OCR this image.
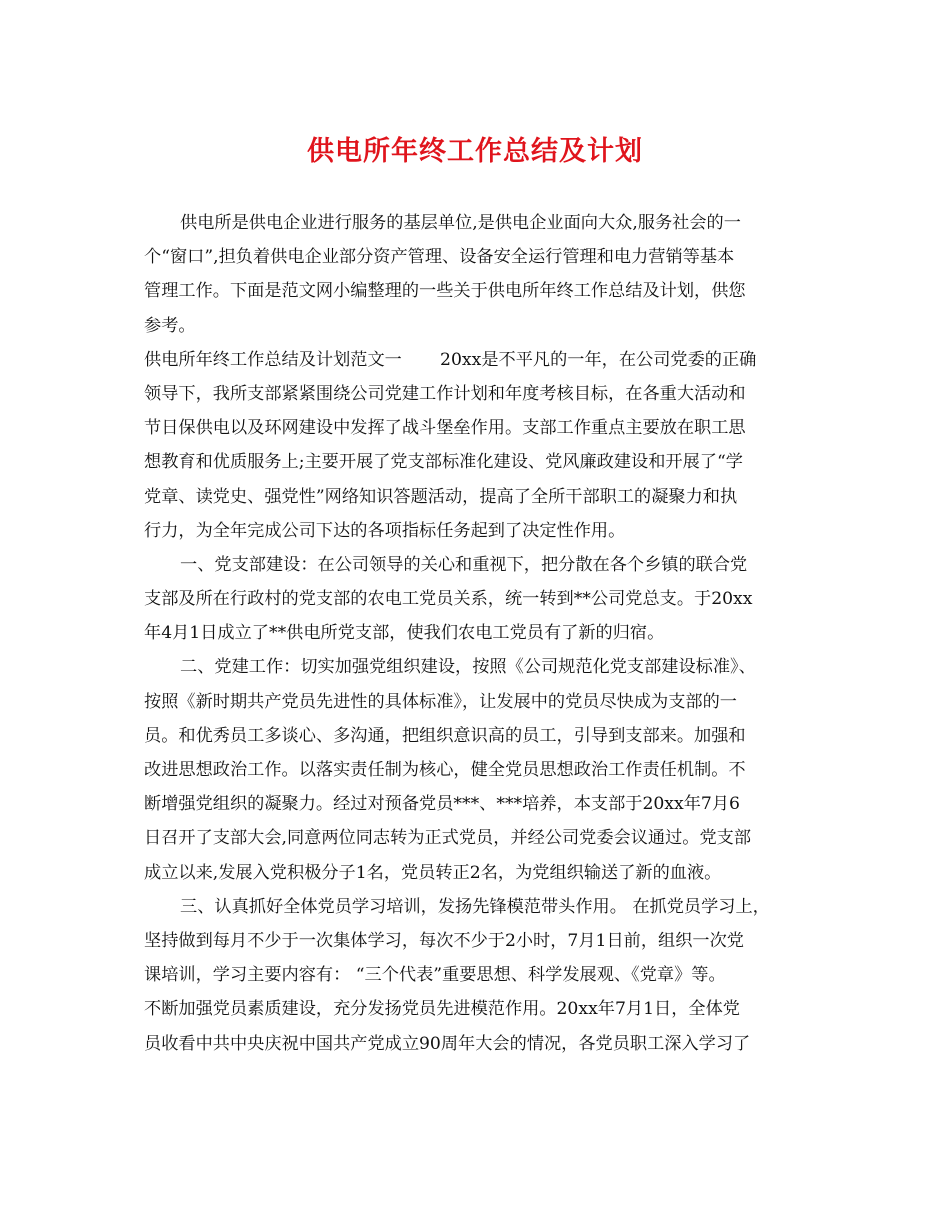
供电所年终工作总结及计划
供电所是供电企业进行服务的基层单位,是供电企业面向大众,服务社会的一
个“窗口”,担负着供电企业部分资产管理、设备安全运行管理和电力营销等基本
管理工作。下面是范文网小编整理的一些关于供电所年终工作总结及计划，供您
参考。
供电所年终工作总结及计划范文一       20xx是不平凡的一年，在公司党委的正确
领导下，我所支部紧紧围绕公司党建工作计划和年度考核目标，在各重大活动和
节日保供电以及环网建设中发挥了战斗堡垒作用。支部工作重点主要放在职工思
想教育和优质服务上;主要开展了党支部标准化建设、党风廉政建设和开展了“学
党章、读党史、强党性”网络知识答题活动，提高了全所干部职工的凝聚力和执
行力，为全年完成公司下达的各项指标任务起到了决定性作用。
一、党支部建设：在公司领导的关心和重视下，把分散在各个乡镇的联合党
支部及所在行政村的党支部的农电工党员关系，统一转到**公司党总支。于20xx
年4月1日成立了**供电所党支部，使我们农电工党员有了新的归宿。
二、党建工作：切实加强党组织建设，按照《公司规范化党支部建设标准》、
按照《新时期共产党员先进性的具体标准》，让发展中的党员尽快成为支部的一
员。和优秀员工多谈心、多沟通，把组织意识高的员工，引导到支部来。加强和
改进思想政治工作。以落实责任制为核心，健全党员思想政治工作责任机制。不
断增强党组织的凝聚力。经过对预备党员***、***培养，本支部于20xx年7月6
日召开了支部大会,同意两位同志转为正式党员，并经公司党委会议通过。党支部
成立以来,发展入党积极分子1名，党员转正2名，为党组织输送了新的血液。
三、认真抓好全体党员学习培训，发扬先锋模范带头作用。 在抓党员学习上，
坚持做到每月不少于一次集体学习，每次不少于2小时，7月1日前，组织一次党
课培训，学习主要内容有： “三个代表”重要思想、科学发展观、《党章》等。
不断加强党员素质建设，充分发扬党员先进模范作用。20xx年7月1日，全体党
员收看中共中央庆祝中国共产党成立90周年大会的情况，各党员职工深入学习了
